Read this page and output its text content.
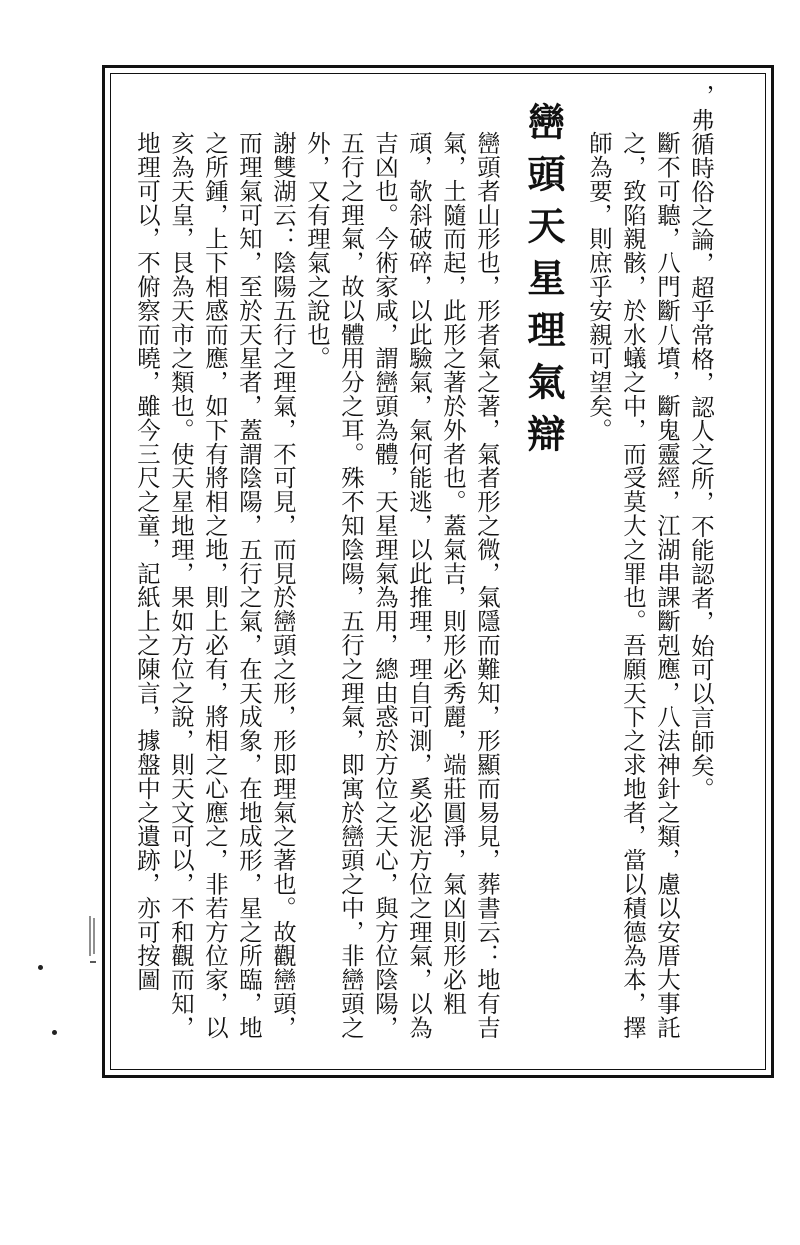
，弗循時俗之論，超乎常格，認人之所，不能認者，始可以言師矣。
斷不可聽，八門斷八墳，斷鬼靈經，江湖串課斷剋應，八法神針之類，慮以安厝大事託之，致陷親骸，於水蟻之中，而受莫大之罪也。吾願天下之求地者，當以積德為本，擇師為要，則庶乎安親可望矣。
巒頭天星理氣辯
巒頭者山形也，形者氣之著，氣者形之微，氣隱而難知，形顯而易見，葬書云：地有吉氣，土隨而起，此形之著於外者也。蓋氣吉，則形必秀麗，端莊圓淨，氣凶則形必粗頑，欹斜破碎，以此驗氣，氣何能逃，以此推理，理自可測，奚必泥方位之理氣，以為吉凶也。今術家咸，謂巒頭為體，天星理氣為用，總由惑於方位之天心，與方位陰陽，五行之理氣，故以體用分之耳。殊不知陰陽，五行之理氣，即寓於巒頭之中，非巒頭之外，又有理氣之說也。
謝雙湖云：陰陽五行之理氣，不可見，而見於巒頭之形，形即理氣之著也。故觀巒頭，而理氣可知，至於天星者，蓋謂陰陽，五行之氣，在天成象，在地成形，星之所臨，地之所鍾，上下相感而應，如下有將相之地，則上必有，將相之心應之，非若方位家，以亥為天皇，艮為天市之類也。使天星地理，果如方位之說，則天文可以，不和觀而知，地理可以，不俯察而曉，雖今三尺之童，記紙上之陳言，據盤中之遺跡，亦可按圖
